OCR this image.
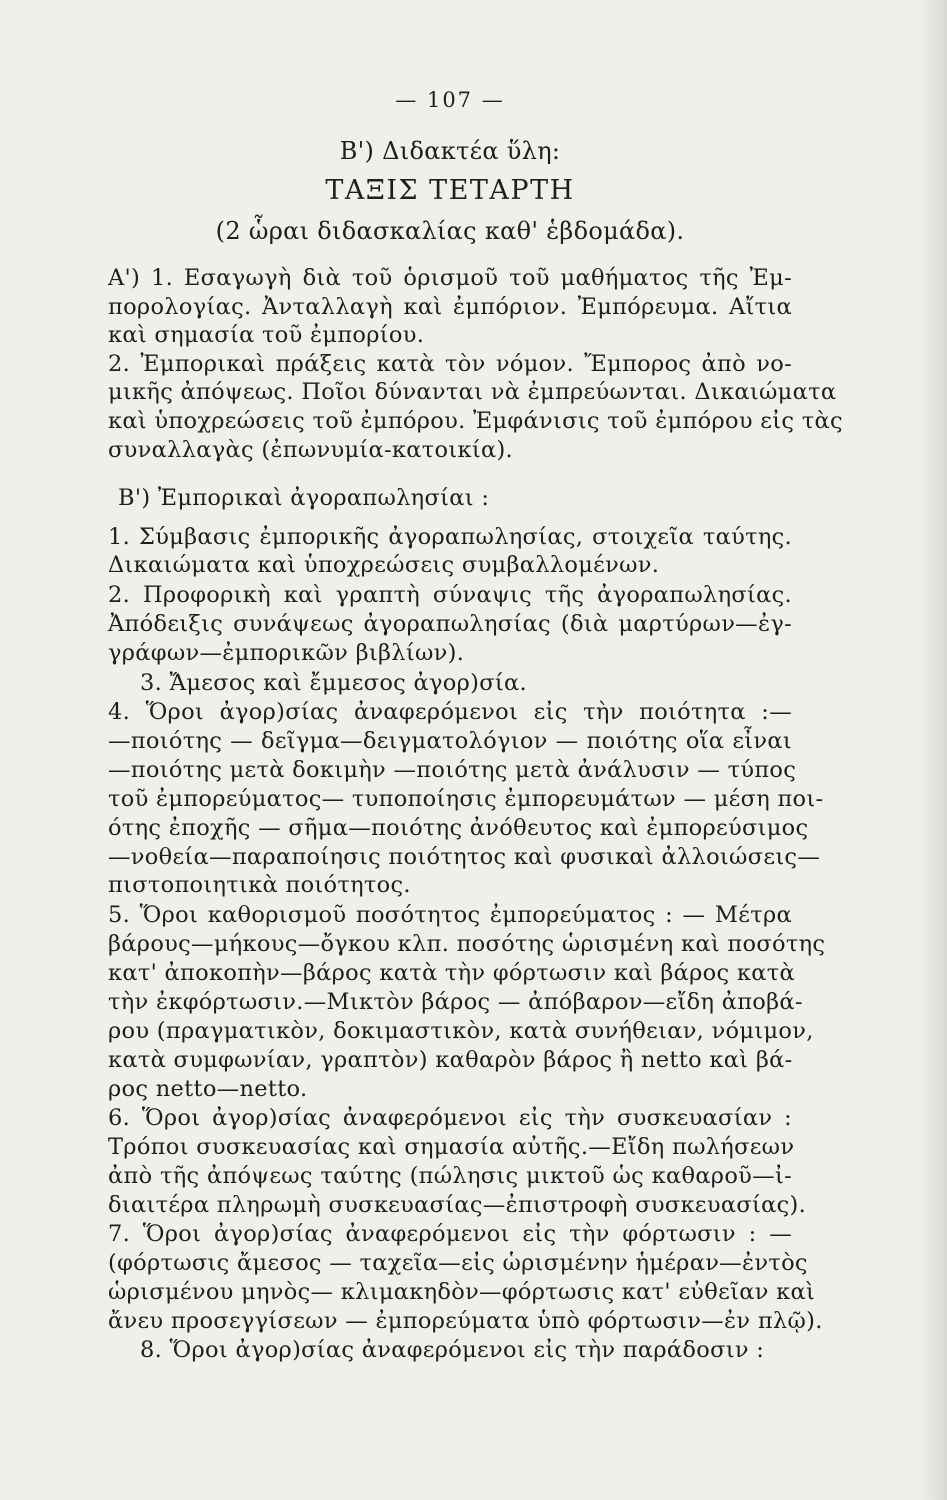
— 107 —
Β') Διδακτέα ὕλη:
ΤΑΞΙΣ ΤΕΤΑΡΤΗ
(2 ὧραι διδασκαλίας καθ' ἑβδομάδα).
Α') 1. Εσαγωγὴ διὰ τοῦ ὁρισμοῦ τοῦ μαθήματος τῆς Ἐμ-
πορολογίας. Ἀνταλλαγὴ καὶ ἐμπόριον. Ἐμπόρευμα. Αἴτια
καὶ σημασία τοῦ ἐμπορίου.
2. Ἐμπορικαὶ πράξεις κατὰ τὸν νόμον. Ἔμπορος ἀπὸ νο-
μικῆς ἀπόψεως. Ποῖοι δύνανται νὰ ἐμπρεύωνται. Δικαιώματα
καὶ ὑποχρεώσεις τοῦ ἐμπόρου. Ἐμφάνισις τοῦ ἐμπόρου εἰς τὰς
συναλλαγὰς (ἐπωνυμία-κατοικία).
Β') Ἐμπορικαὶ ἀγοραπωλησίαι :
1. Σύμβασις ἐμπορικῆς ἀγοραπωλησίας, στοιχεῖα ταύτης.
Δικαιώματα καὶ ὑποχρεώσεις συμβαλλομένων.
2. Προφορικὴ καὶ γραπτὴ σύναψις τῆς ἀγοραπωλησίας.
Ἀπόδειξις συνάψεως ἀγοραπωλησίας (διὰ μαρτύρων—ἐγ-
γράφων—ἐμπορικῶν βιβλίων).
3. Ἄμεσος καὶ ἔμμεσος ἀγορ)σία.
4. Ὅροι ἀγορ)σίας ἀναφερόμενοι εἰς τὴν ποιότητα :—
—ποιότης — δεῖγμα—δειγματολόγιον — ποιότης οἵα εἶναι
—ποιότης μετὰ δοκιμὴν —ποιότης μετὰ ἀνάλυσιν — τύπος
τοῦ ἐμπορεύματος— τυποποίησις ἐμπορευμάτων — μέση ποι-
ότης ἐποχῆς — σῆμα—ποιότης ἀνόθευτος καὶ ἐμπορεύσιμος
—νοθεία—παραποίησις ποιότητος καὶ φυσικαὶ ἀλλοιώσεις—
πιστοποιητικὰ ποιότητος.
5. Ὅροι καθορισμοῦ ποσότητος ἐμπορεύματος : — Μέτρα
βάρους—μήκους—ὄγκου κλπ. ποσότης ὡρισμένη καὶ ποσότης
κατ' ἀποκοπὴν—βάρος κατὰ τὴν φόρτωσιν καὶ βάρος κατὰ
τὴν ἐκφόρτωσιν.—Μικτὸν βάρος — ἀπόβαρον—εἴδη ἀποβά-
ρου (πραγματικὸν, δοκιμαστικὸν, κατὰ συνήθειαν, νόμιμον,
κατὰ συμφωνίαν, γραπτὸν) καθαρὸν βάρος ἢ netto καὶ βά-
ρος netto—netto.
6. Ὅροι ἀγορ)σίας ἀναφερόμενοι εἰς τὴν συσκευασίαν :
Τρόποι συσκευασίας καὶ σημασία αὐτῆς.—Εἴδη πωλήσεων
ἀπὸ τῆς ἀπόψεως ταύτης (πώλησις μικτοῦ ὡς καθαροῦ—ἰ-
διαιτέρα πληρωμὴ συσκευασίας—ἐπιστροφὴ συσκευασίας).
7. Ὅροι ἀγορ)σίας ἀναφερόμενοι εἰς τὴν φόρτωσιν : —
(φόρτωσις ἄμεσος — ταχεῖα—εἰς ὡρισμένην ἡμέραν—ἐντὸς
ὡρισμένου μηνὸς— κλιμακηδὸν—φόρτωσις κατ' εὐθεῖαν καὶ
ἄνευ προσεγγίσεων — ἐμπορεύματα ὑπὸ φόρτωσιν—ἐν πλῷ).
8. Ὅροι ἀγορ)σίας ἀναφερόμενοι εἰς τὴν παράδοσιν :
